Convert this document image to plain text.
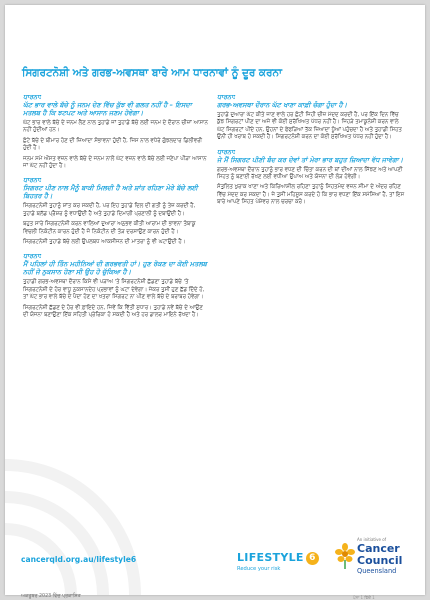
ਸਿਗਰਟਨੋਸ਼ੀ ਅਤੇ ਗਰਭ-ਅਵਸਥਾ ਬਾਰੇ ਆਮ ਧਾਰਨਾਵਾਂ ਨੂੰ ਦੂਰ ਕਰਨਾ
ਧਾਰਨਾ:
ਘੱਟ ਭਾਰ ਵਾਲੇ ਬੱਚੇ ਨੂੰ ਜਨਮ ਦੇਣ ਵਿੱਚ ਕੁੱਝ ਵੀ ਗਲਤ ਨਹੀਂ ਹੈ – ਇਸਦਾ ਮਤਲਬ ਹੈ ਕਿ ਝਟਪਟ ਅਤੇ ਆਸਾਨ ਜਣਮ ਹੋਵੇਗਾ।

ਘੱਟ ਭਾਰ ਵਾਲੇ ਬੱਚੇ ਦੇ ਜਨਮ ਲੈਣ ਨਾਲ ਤੁਹਾਡੇ ਜਾਂ ਤੁਹਾਡੇ ਬੱਚੇ ਲਈ ਜਨਮ ਦੇ ਦੌਰਾਨ ਚੀਜ਼ਾਂ ਆਸਾਨ ਨਹੀਂ ਹੁੰਦੀਆਂ ਹਨ।

ਛੋਟੇ ਬੱਚੇ ਦੇ ਬੀਮਾਰ ਹੋਣ ਦੀ ਜ਼ਿਆਦਾ ਸੰਭਾਵਨਾ ਹੁੰਦੀ ਹੈ, ਜਿਸ ਨਾਲ ਵਧੇਰੇ ਗੁੰਝਲਦਾਰ ਡਿਲੀਵਰੀ ਹੁੰਦੀ ਹੈ।

ਜਨਮ ਸਮੇਂ ਔਸਤ ਵਜ਼ਨ ਵਾਲੇ ਬੱਚੇ ਦੇ ਜਨਮ ਨਾਲੋਂ ਘੱਟ ਵਜ਼ਨ ਵਾਲੇ ਬੱਚੇ ਲਈ ਜਣੇਪਾ ਪੀੜਾ ਆਸਾਨ ਜਾਂ ਘੱਟ ਨਹੀਂ ਹੁੰਦਾ ਹੈ।

ਧਾਰਨਾ:
ਸਿਗਰਟ ਪੀਣ ਨਾਲ ਮੈਨੂੰ ਬਾਕੀ ਮਿਲਦੀ ਹੈ ਅਤੇ ਸ਼ਾਂਤ ਰਹਿਣਾ ਮੇਰੇ ਬੱਚੇ ਲਈ ਬਿਹਤਰ ਹੈ।

ਸਿਗਰਟਨੋਸ਼ੀ ਤੁਹਾਨੂੰ ਸ਼ਾਂਤ ਕਰ ਸਕਦੀ ਹੈ, ਪਰ ਇਹ ਤੁਹਾਡੇ ਦਿਲ ਦੀ ਗਤੀ ਨੂੰ ਤੇਜ਼ ਕਰਦੀ ਹੈ, ਤੁਹਾਡੇ ਬਲੱਡ ਪ੍ਰੈਸ਼ਰ ਨੂੰ ਵਧਾਉਂਦੀ ਹੈ ਅਤੇ ਤੁਹਾਡੇ ਦਿਮਾਗੀ ਪ੍ਰਣਾਲੀ ਨੂੰ ਦਬਾਉਂਦੀ ਹੈ।

ਬਹੁਤ ਸਾਰੇ ਸਿਗਰਟਨੋਸ਼ੀ ਕਰਨ ਵਾਲਿਆਂ ਦੁਆਰਾ ਅਨੁਭਵ ਕੀਤੀ ਆਰਾਮ ਦੀ ਭਾਵਨਾ ਤੰਬਾਕੂ ਵਿਚਲੀ ਨਿਕੋਟੀਨ ਕਾਰਨ ਹੁੰਦੀ ਹੈ ਜੋ ਨਿਕੋਟੀਨ ਦੀ ਤੋੜ ਦਰਸਾਉਣ ਕਾਰਨ ਹੁੰਦੀ ਹੈ।

ਸਿਗਰਟਨੋਸ਼ੀ ਤੁਹਾਡੇ ਬੱਚੇ ਲਈ ਉਪਲਬਧ ਆਕਸੀਜਨ ਦੀ ਮਾਤਰਾ ਨੂੰ ਵੀ ਘਟਾਉਂਦੀ ਹੈ।

ਧਾਰਨਾ:
ਮੈਂ ਪਹਿਲਾਂ ਹੀ ਤਿੰਨ ਮਹੀਨਿਆਂ ਦੀ ਗਰਭਵਤੀ ਹਾਂ। ਹੁਣ ਰੋਕਣ ਦਾ ਕੋਈ ਮਤਲਬ ਨਹੀਂ ਜੋ ਨੁਕਸਾਨ ਹੋਣਾ ਸੀ ਉਹ ਹੋ ਚੁੱਕਿਆ ਹੈ।

ਤੁਹਾਡੀ ਗਰਭ-ਅਵਸਥਾ ਦੌਰਾਨ ਕਿਸੇ ਵੀ ਪੜਾਅ 'ਤੇ ਸਿਗਰਟਨੋਸ਼ੀ ਛੱਡਣਾ ਤੁਹਾਡੇ ਬੱਚੇ 'ਤੇ ਸਿਗਰਟਨੋਸ਼ੀ ਦੇ ਹੋਰ ਵਾਧੂ ਨੁਕਸਾਨਦੇਹ ਪ੍ਰਭਾਵਾਂ ਨੂੰ ਘਟਾ ਦੇਵੇਗਾ। ਜੇਕਰ ਤੁਸੀਂ ਹੁਣ ਛੱਡ ਦਿੰਦੇ ਹੋ, ਤਾਂ ਘੱਟ ਭਾਰ ਵਾਲੇ ਬੱਚੇ ਦੇ ਪੈਦਾ ਹੋਣ ਦਾ ਖਤਰਾ ਸਿਗਰਟ ਨਾ ਪੀਣ ਵਾਲੇ ਬੱਚੇ ਦੇ ਬਰਾਬਰ ਹੋਵੇਗਾ।

ਸਿਗਰਟਨੋਸ਼ੀ ਛੱਡਣ ਦੇ ਹੋਰ ਵੀ ਫ਼ਾਇਦੇ ਹਨ, ਜਿਵੇਂ ਕਿ ਵਿੱਤੀ ਸੁਧਾਰ। ਤੁਹਾਡੇ ਨਵੇਂ ਬੱਚੇ ਦੇ ਆਉਣ ਦੀ ਯੋਜਨਾ ਬਣਾਉਣਾ ਇੱਕ ਸਹਿਤੀ ਪ੍ਰੇਰਿਕਾ ਹੋ ਸਕਦੀ ਹੈ ਅਤੇ ਹਰ ਡਾਲਰ ਮਾਇਨੇ ਰੱਖਦਾ ਹੈ।

ਧਾਰਨਾ:
ਗਰਭ-ਅਵਸਥਾ ਦੌਰਾਨ ਘੱਟ ਖਾਣਾ ਕਾਫ਼ੀ ਚੰਗਾ ਹੁੰਦਾ ਹੈ।

ਤੁਹਾਡੇ ਦੁਆਰਾ ਘੱਟ ਕੀਤੇ ਜਾਣ ਵਾਲੇ ਹਰ ਛੋਟੀ ਜਿਹੀ ਚੀਜ਼ ਮੱਦਦ ਕਰਦੀ ਹੈ, ਪਰ ਇੱਕ ਦਿਨ ਵਿੱਚ ਕੁੱਝ ਸਿਗਰਟਾਂ ਪੀਣ ਦਾ ਅਜੇ ਵੀ ਕੋਈ ਸੁਰੱਖਿਅਤ ਪੱਧਰ ਨਹੀਂ ਹੈ। ਜਿਹੜੇ ਤਮਾਕੂਨੋਸ਼ੀ ਕਰਨ ਵਾਲੇ ਘੱਟ ਸਿਗਰਟਾਂ ਪੀਂਦੇ ਹਨ, ਉਹਨਾਂ ਦੇ ਫੇਫੜਿਆਂ ਤੱਕ ਜ਼ਿਆਦਾ ਧੂੰਆਂ ਪਹੁੰਚਦਾ ਹੈ ਅਤੇ ਤੁਹਾਡੀ ਸਿਹਤ ਉਨੀਂ ਹੀ ਖਰਾਬ ਹੋ ਸਕਦੀ ਹੈ। ਸਿਗਰਟਨੋਸ਼ੀ ਕਰਨ ਦਾ ਕੋਈ ਸੁਰੱਖਿਅਤ ਪੱਧਰ ਨਹੀਂ ਹੁੰਦਾ ਹੈ।

ਧਾਰਨਾ:
ਜੇ ਮੈਂ ਸਿਗਰਟ ਪੀਣੀ ਬੰਦ ਕਰ ਦੇਵਾਂ ਤਾਂ ਮੇਰਾ ਭਾਰ ਬਹੁਤ ਜ਼ਿਆਦਾ ਵੱਧ ਜਾਵੇਗਾ।

ਗਰਭ-ਅਵਸਥਾ ਦੌਰਾਨ ਤੁਹਾਨੂੰ ਭਾਰ ਵਧਣ ਦੀ ਚਿੰਤਾ ਕਰਨ ਦੀ ਥਾਂ ਦੀਆਂ ਨਾਲ ਸਿੱਝਣ ਅਤੇ ਆਪਣੀ ਸਿਹਤ ਨੂੰ ਬਣਾਈ ਰੱਖਣ ਲਈ ਵਧੀਆ ਉਪਾਅ ਅਤੇ ਯੋਜਨਾ ਦੀ ਲੋੜ ਹੋਵੇਗੀ।

ਸੰਤੁਲਿਤ ਖੁਰਾਕ ਖਾਣਾ ਅਤੇ ਕਿਰਿਆਸ਼ੀਲ ਰਹਿਣਾ ਤੁਹਾਨੂੰ ਸਿਹਤਮੰਦ ਵਜ਼ਨ ਸੀਮਾ ਦੇ ਅੰਦਰ ਰਹਿਣ ਵਿੱਚ ਮੱਦਦ ਕਰ ਸਕਦਾ ਹੈ। ਜੇ ਤੁਸੀਂ ਮਹਿਸੂਸ ਕਰਦੇ ਹੋ ਕਿ ਭਾਰ ਵਧਣਾ ਇੱਕ ਸਮੱਸਿਆ ਹੈ, ਤਾਂ ਇਸ ਬਾਰੇ ਆਪਣੇ ਸਿਹਤ ਪੇਸ਼ੇਵਰ ਨਾਲ ਚਰਚਾ ਕਰੋ।

cancerqld.org.au/lifestyle6
ਅਕਤੂਬਰ 2023 ਵਿੱਚ ਪ੍ਰਕਾਸ਼ਿਤ
LIFESTYLE 6
Reduce your risk
An initiative of
Cancer
Council
Queensland
ਪੰਨਾ 1 ਵਿੱਚੋਂ 1
